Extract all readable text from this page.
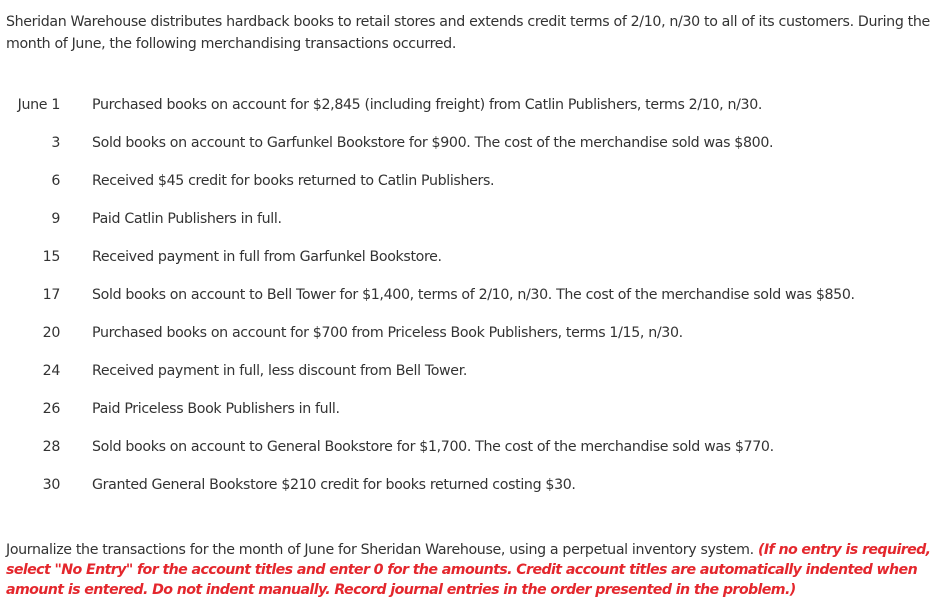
Sheridan Warehouse distributes hardback books to retail stores and extends credit terms of 2/10, n/30 to all of its customers. During the month of June, the following merchandising transactions occurred.
June 1	Purchased books on account for $2,845 (including freight) from Catlin Publishers, terms 2/10, n/30.
3	Sold books on account to Garfunkel Bookstore for $900. The cost of the merchandise sold was $800.
6	Received $45 credit for books returned to Catlin Publishers.
9	Paid Catlin Publishers in full.
15	Received payment in full from Garfunkel Bookstore.
17	Sold books on account to Bell Tower for $1,400, terms of 2/10, n/30. The cost of the merchandise sold was $850.
20	Purchased books on account for $700 from Priceless Book Publishers, terms 1/15, n/30.
24	Received payment in full, less discount from Bell Tower.
26	Paid Priceless Book Publishers in full.
28	Sold books on account to General Bookstore for $1,700. The cost of the merchandise sold was $770.
30	Granted General Bookstore $210 credit for books returned costing $30.
Journalize the transactions for the month of June for Sheridan Warehouse, using a perpetual inventory system. (If no entry is required, select "No Entry" for the account titles and enter 0 for the amounts. Credit account titles are automatically indented when amount is entered. Do not indent manually. Record journal entries in the order presented in the problem.)
